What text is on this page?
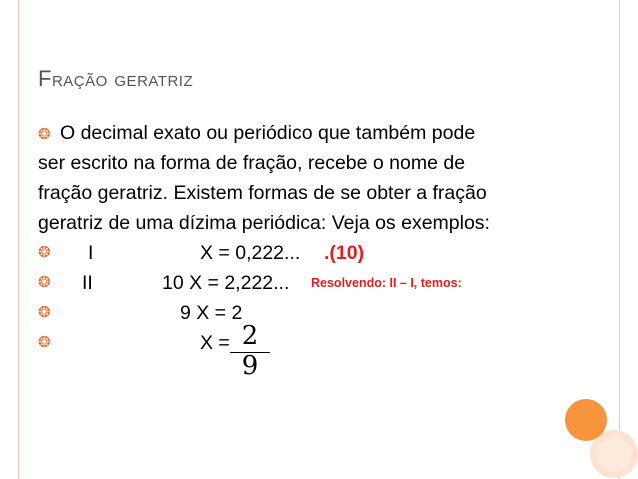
Fração geratriz
❂ O decimal exato ou periódico que também pode
ser escrito na forma de fração, recebe o nome de
fração geratriz. Existem formas de se obter a fração
geratriz de uma dízima periódica: Veja os exemplos:
❂	I	X = 0,222... .(10)
❂	II	10 X = 2,222... Resolvendo: II – I, temos:
❂	9 X = 2
❂	X = 2
9
